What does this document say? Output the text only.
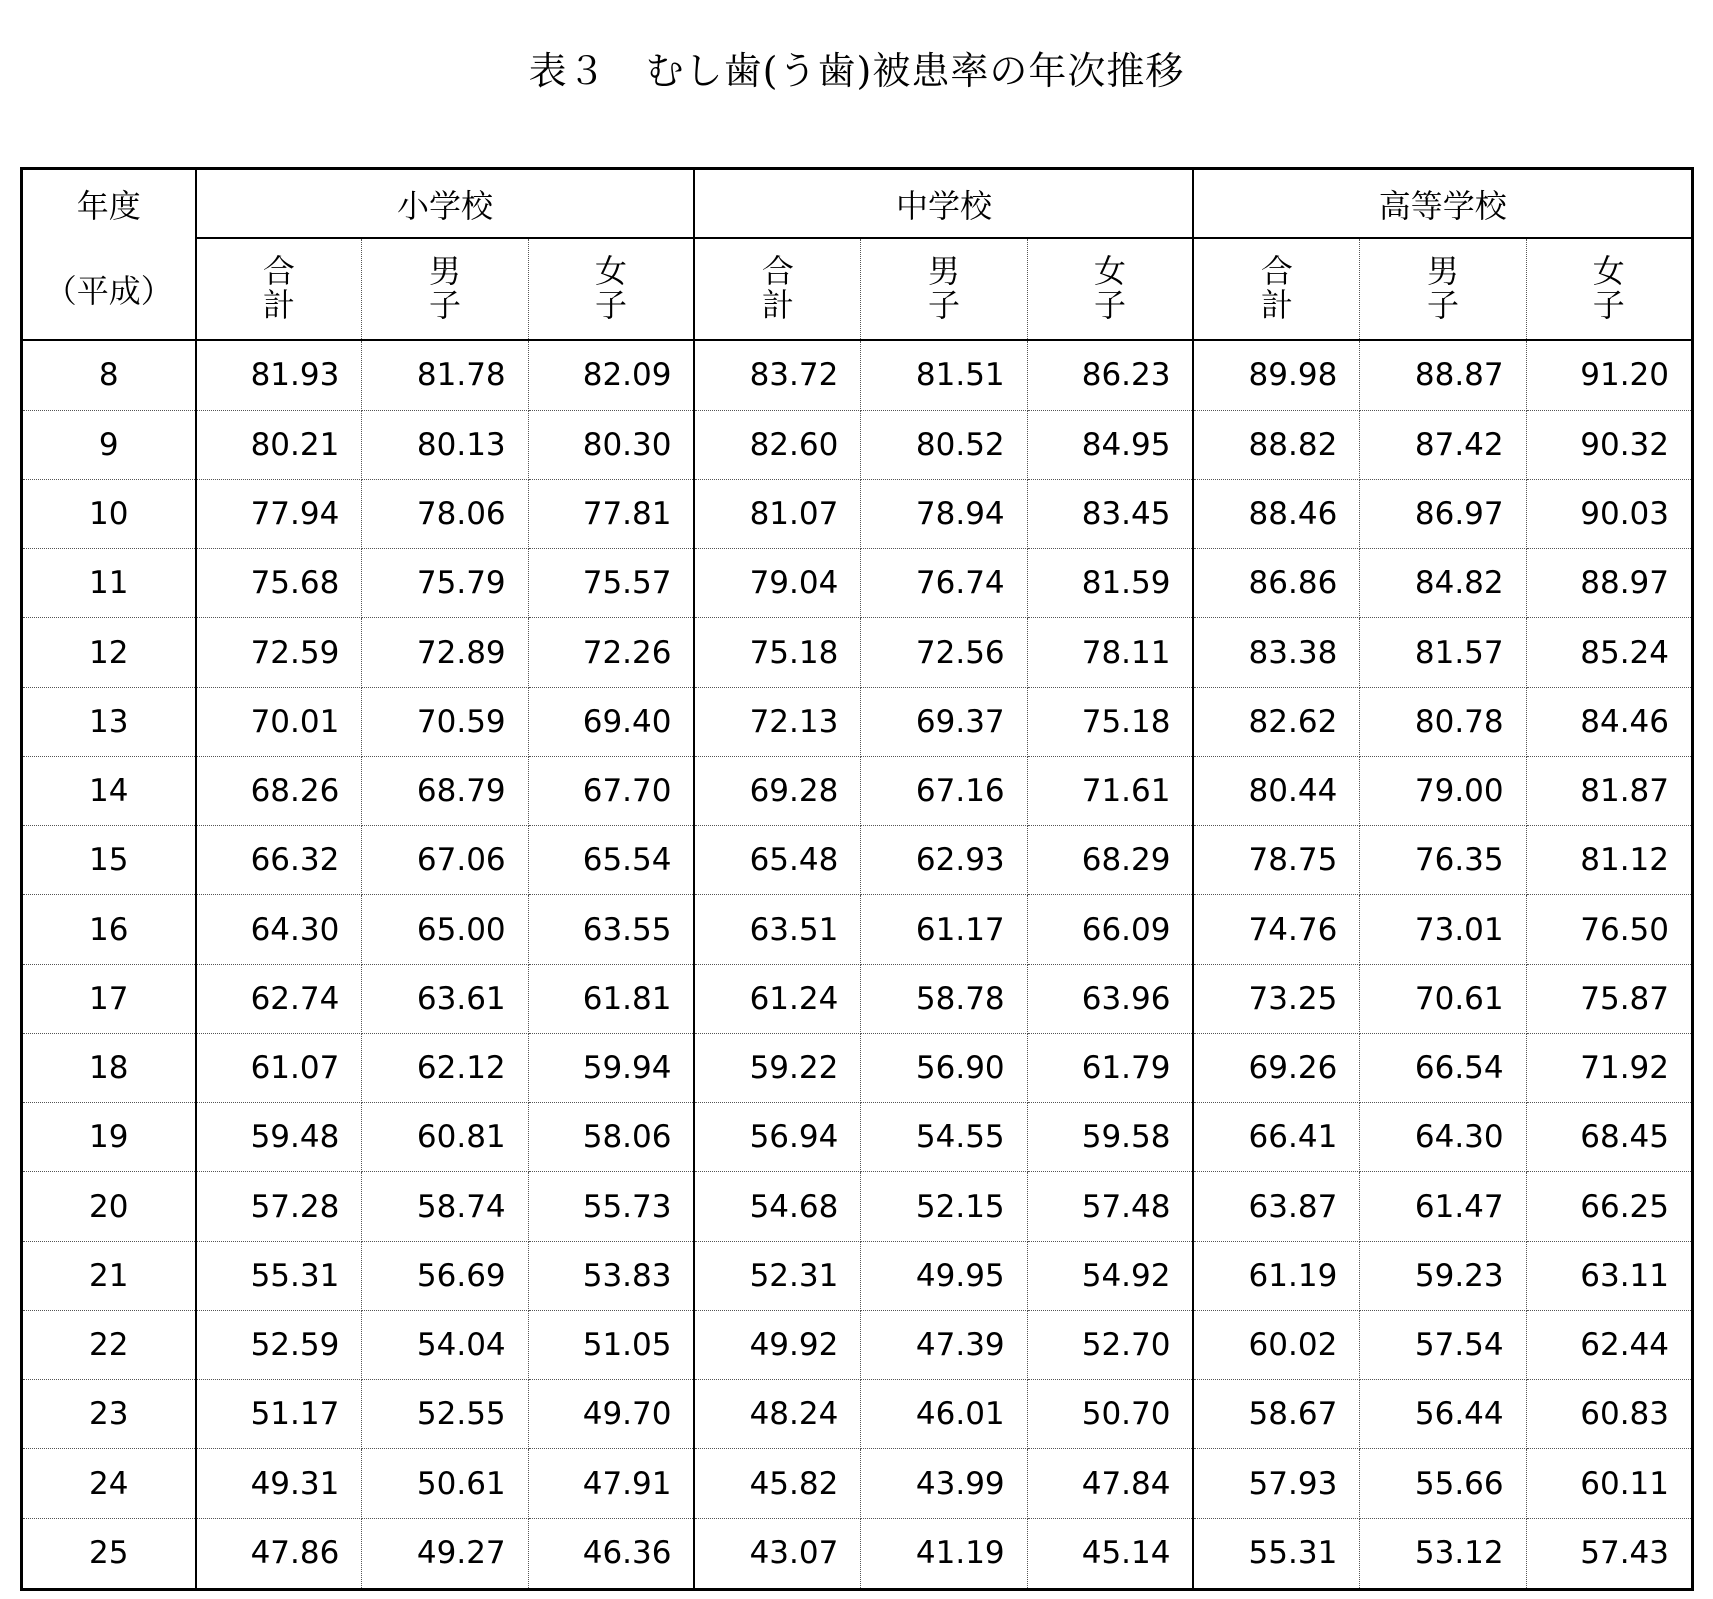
表３　むし歯(う歯)被患率の年次推移
年度	小学校			中学校			高等学校		
（平成）	合計	男子	女子	合計	男子	女子	合計	男子	女子
8	81.93	81.78	82.09	83.72	81.51	86.23	89.98	88.87	91.20
9	80.21	80.13	80.30	82.60	80.52	84.95	88.82	87.42	90.32
10	77.94	78.06	77.81	81.07	78.94	83.45	88.46	86.97	90.03
11	75.68	75.79	75.57	79.04	76.74	81.59	86.86	84.82	88.97
12	72.59	72.89	72.26	75.18	72.56	78.11	83.38	81.57	85.24
13	70.01	70.59	69.40	72.13	69.37	75.18	82.62	80.78	84.46
14	68.26	68.79	67.70	69.28	67.16	71.61	80.44	79.00	81.87
15	66.32	67.06	65.54	65.48	62.93	68.29	78.75	76.35	81.12
16	64.30	65.00	63.55	63.51	61.17	66.09	74.76	73.01	76.50
17	62.74	63.61	61.81	61.24	58.78	63.96	73.25	70.61	75.87
18	61.07	62.12	59.94	59.22	56.90	61.79	69.26	66.54	71.92
19	59.48	60.81	58.06	56.94	54.55	59.58	66.41	64.30	68.45
20	57.28	58.74	55.73	54.68	52.15	57.48	63.87	61.47	66.25
21	55.31	56.69	53.83	52.31	49.95	54.92	61.19	59.23	63.11
22	52.59	54.04	51.05	49.92	47.39	52.70	60.02	57.54	62.44
23	51.17	52.55	49.70	48.24	46.01	50.70	58.67	56.44	60.83
24	49.31	50.61	47.91	45.82	43.99	47.84	57.93	55.66	60.11
25	47.86	49.27	46.36	43.07	41.19	45.14	55.31	53.12	57.43
